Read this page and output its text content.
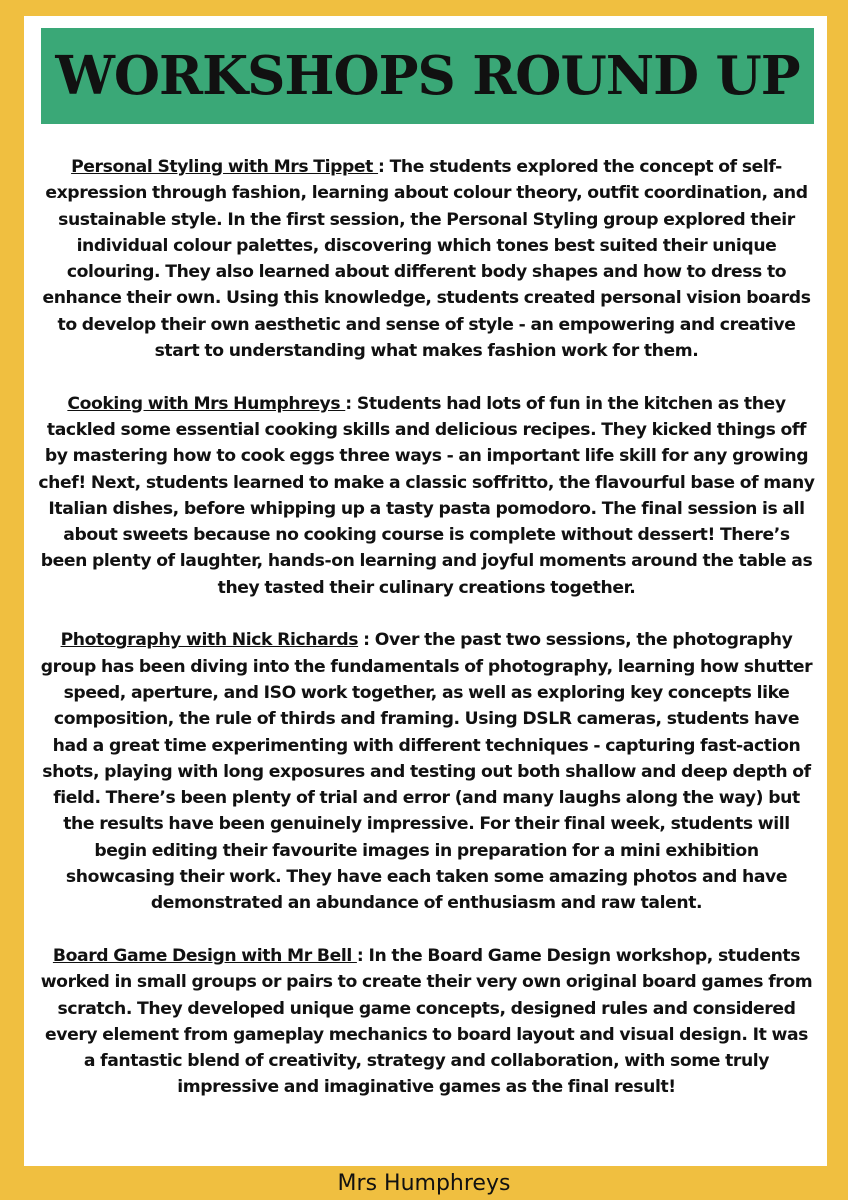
WORKSHOPS ROUND UP

Personal Styling with Mrs Tippet : The students explored the concept of self-expression through fashion, learning about colour theory, outfit coordination, and sustainable style. In the first session, the Personal Styling group explored their individual colour palettes, discovering which tones best suited their unique colouring. They also learned about different body shapes and how to dress to enhance their own. Using this knowledge, students created personal vision boards to develop their own aesthetic and sense of style - an empowering and creative start to understanding what makes fashion work for them.

Cooking with Mrs Humphreys : Students had lots of fun in the kitchen as they tackled some essential cooking skills and delicious recipes. They kicked things off by mastering how to cook eggs three ways - an important life skill for any growing chef! Next, students learned to make a classic soffritto, the flavourful base of many Italian dishes, before whipping up a tasty pasta pomodoro. The final session is all about sweets because no cooking course is complete without dessert! There’s been plenty of laughter, hands-on learning and joyful moments around the table as they tasted their culinary creations together.

Photography with Nick Richards : Over the past two sessions, the photography group has been diving into the fundamentals of photography, learning how shutter speed, aperture, and ISO work together, as well as exploring key concepts like composition, the rule of thirds and framing. Using DSLR cameras, students have had a great time experimenting with different techniques - capturing fast-action shots, playing with long exposures and testing out both shallow and deep depth of field. There’s been plenty of trial and error (and many laughs along the way) but the results have been genuinely impressive. For their final week, students will begin editing their favourite images in preparation for a mini exhibition showcasing their work. They have each taken some amazing photos and have demonstrated an abundance of enthusiasm and raw talent.

Board Game Design with Mr Bell : In the Board Game Design workshop, students worked in small groups or pairs to create their very own original board games from scratch. They developed unique game concepts, designed rules and considered every element from gameplay mechanics to board layout and visual design. It was a fantastic blend of creativity, strategy and collaboration, with some truly impressive and imaginative games as the final result!

Mrs Humphreys
